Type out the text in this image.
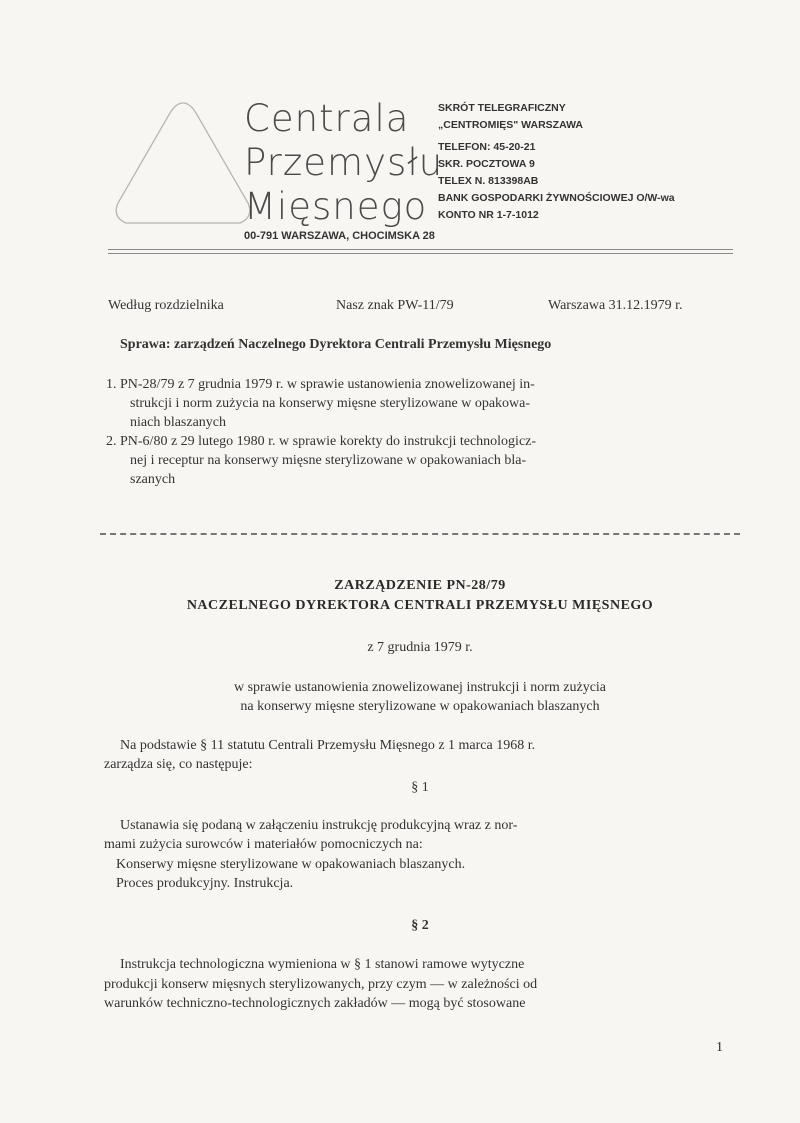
Centrala
Przemysłu
Mięsnego
SKRÓT TELEGRAFICZNY
„CENTROMIĘS" WARSZAWA
TELEFON: 45-20-21
SKR. POCZTOWA 9
TELEX N. 813398AB
BANK GOSPODARKI ŻYWNOŚCIOWEJ O/W-wa
KONTO NR 1-7-1012
00-791 WARSZAWA, CHOCIMSKA 28
Według rozdzielnika	Nasz znak PW-11/79	Warszawa 31.12.1979 r.
Sprawa: zarządzeń Naczelnego Dyrektora Centrali Przemysłu Mięsnego
1. PN-28/79 z 7 grudnia 1979 r. w sprawie ustanowienia znowelizowanej in-
strukcji i norm zużycia na konserwy mięsne sterylizowane w opakowa-
niach blaszanych
2. PN-6/80 z 29 lutego 1980 r. w sprawie korekty do instrukcji technologicz-
nej i receptur na konserwy mięsne sterylizowane w opakowaniach bla-
szanych
ZARZĄDZENIE PN-28/79
NACZELNEGO DYREKTORA CENTRALI PRZEMYSŁU MIĘSNEGO
z 7 grudnia 1979 r.
w sprawie ustanowienia znowelizowanej instrukcji i norm zużycia
na konserwy mięsne sterylizowane w opakowaniach blaszanych
Na podstawie § 11 statutu Centrali Przemysłu Mięsnego z 1 marca 1968 r.
zarządza się, co następuje:
§ 1
Ustanawia się podaną w załączeniu instrukcję produkcyjną wraz z nor-
mami zużycia surowców i materiałów pomocniczych na:
Konserwy mięsne sterylizowane w opakowaniach blaszanych.
Proces produkcyjny. Instrukcja.
§ 2
Instrukcja technologiczna wymieniona w § 1 stanowi ramowe wytyczne
produkcji konserw mięsnych sterylizowanych, przy czym — w zależności od
warunków techniczno-technologicznych zakładów — mogą być stosowane
1
